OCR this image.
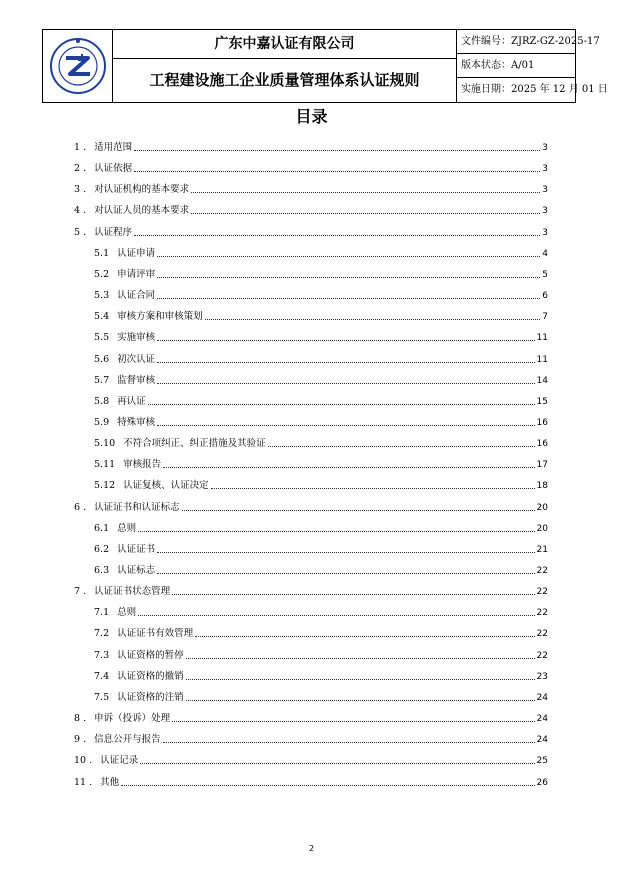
广东中嘉认证有限公司
工程建设施工企业质量管理体系认证规则
文件编号：ZJRZ-GZ-2025-17
版本状态：A/01
实施日期：2025 年 12 月 01 日
目录
1 . 适用范围	3
2 . 认证依据	3
3 . 对认证机构的基本要求	3
4 . 对认证人员的基本要求	3
5 . 认证程序	3
5.1 认证申请	4
5.2 申请评审	5
5.3 认证合同	6
5.4 审核方案和审核策划	7
5.5 实施审核	11
5.6 初次认证	11
5.7 监督审核	14
5.8 再认证	15
5.9 特殊审核	16
5.10 不符合项纠正、纠正措施及其验证	16
5.11 审核报告	17
5.12 认证复核、认证决定	18
6 . 认证证书和认证标志	20
6.1 总则	20
6.2 认证证书	21
6.3 认证标志	22
7 . 认证证书状态管理	22
7.1 总则	22
7.2 认证证书有效管理	22
7.3 认证资格的暂停	22
7.4 认证资格的撤销	23
7.5 认证资格的注销	24
8 . 申诉（投诉）处理	24
9 . 信息公开与报告	24
10 . 认证记录	25
11 . 其他	26
2
